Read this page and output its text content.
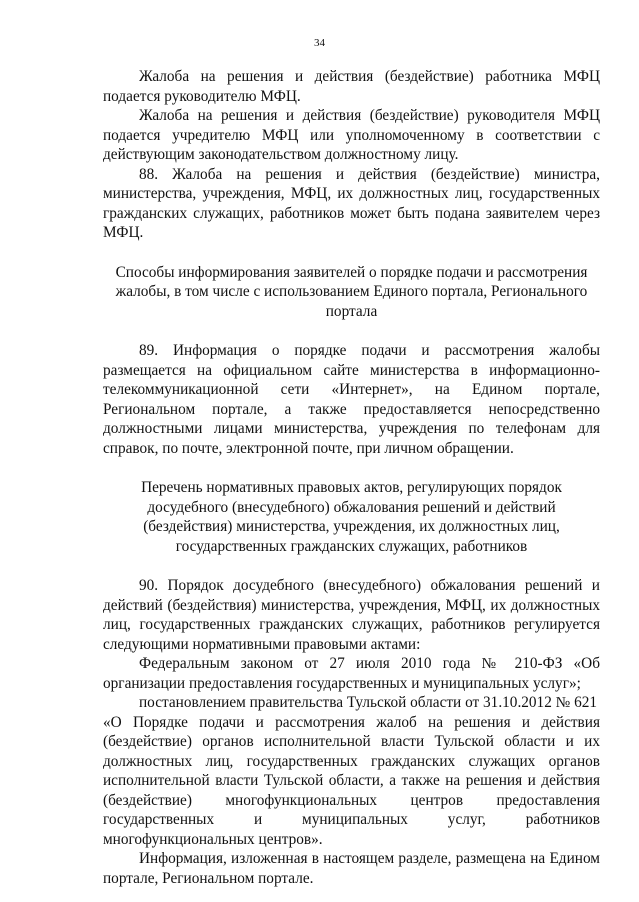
34

Жалоба на решения и действия (бездействие) работника МФЦ подается руководителю МФЦ.

Жалоба на решения и действия (бездействие) руководителя МФЦ подается учредителю МФЦ или уполномоченному в соответствии с действующим законодательством должностному лицу.

88. Жалоба на решения и действия (бездействие) министра, министерства, учреждения, МФЦ, их должностных лиц, государственных гражданских служащих, работников может быть подана заявителем через МФЦ.

Способы информирования заявителей о порядке подачи и рассмотрения жалобы, в том числе с использованием Единого портала, Регионального портала

89. Информация о порядке подачи и рассмотрения жалобы размещается на официальном сайте министерства в информационно-телекоммуникационной сети «Интернет», на Едином портале, Региональном портале, а также предоставляется непосредственно должностными лицами министерства, учреждения по телефонам для справок, по почте, электронной почте, при личном обращении.

Перечень нормативных правовых актов, регулирующих порядок досудебного (внесудебного) обжалования решений и действий (бездействия) министерства, учреждения, их должностных лиц, государственных гражданских служащих, работников

90. Порядок досудебного (внесудебного) обжалования решений и действий (бездействия) министерства, учреждения, МФЦ, их должностных лиц, государственных гражданских служащих, работников регулируется следующими нормативными правовыми актами:

Федеральным законом от 27 июля 2010 года № 210-ФЗ «Об организации предоставления государственных и муниципальных услуг»;

постановлением правительства Тульской области от 31.10.2012 № 621

«О Порядке подачи и рассмотрения жалоб на решения и действия (бездействие) органов исполнительной власти Тульской области и их должностных лиц, государственных гражданских служащих органов исполнительной власти Тульской области, а также на решения и действия (бездействие) многофункциональных центров предоставления государственных и муниципальных услуг, работников многофункциональных центров».

Информация, изложенная в настоящем разделе, размещена на Едином портале, Региональном портале.
